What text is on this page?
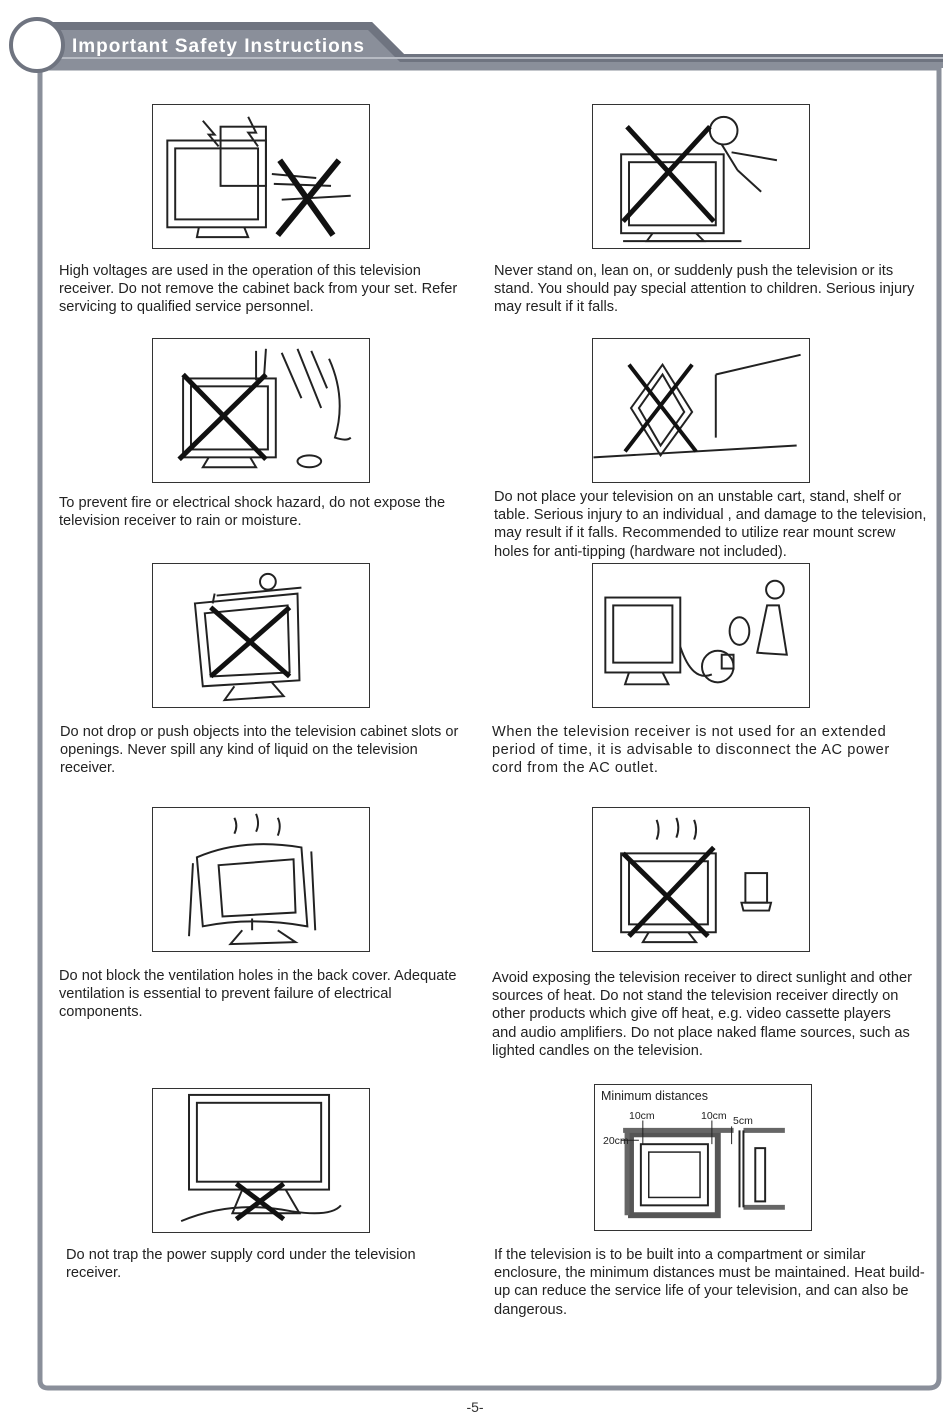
Important Safety Instructions

High voltages are used in the operation of this television receiver. Do not remove the cabinet back from your set. Refer servicing to qualified service personnel.

Never stand on, lean on, or suddenly push the television or its stand. You should pay special attention to children. Serious injury may result if it falls.

To prevent fire or electrical shock hazard, do not expose the television receiver to rain or moisture.

Do not place your television on an unstable cart, stand, shelf or table. Serious injury to an individual , and damage to the television, may result if it falls. Recommended to utilize rear mount screw holes for anti-tipping (hardware not included).

Do not drop or push objects into the television cabinet slots or openings. Never spill any kind of liquid on the television receiver.

When the television receiver is not used for an extended period of time, it is advisable to disconnect the AC power cord from the AC outlet.

Do not block the ventilation holes in the back cover. Adequate ventilation is essential to prevent failure of electrical components.

Avoid exposing the television receiver to direct sunlight and other sources of heat. Do not stand the television receiver directly on other products which give off heat, e.g. video cassette players and audio amplifiers. Do not place naked flame sources, such as lighted candles on the television.

Do not trap the power supply cord under the television receiver.

Minimum distances
10cm	10cm 5cm
20cm

If the television is to be built into a compartment or similar enclosure, the minimum distances must be maintained. Heat build-up can reduce the service life of your television, and can also be dangerous.

-5-
